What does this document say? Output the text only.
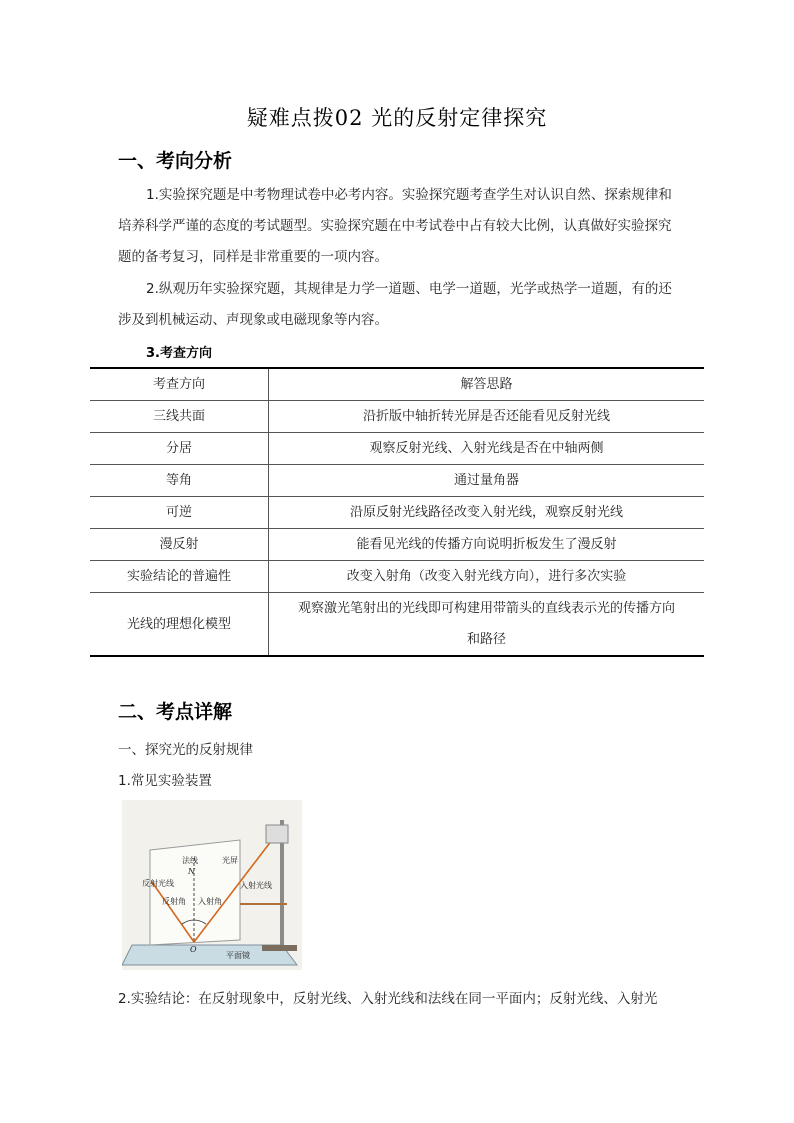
疑难点拨02 光的反射定律探究
一、考向分析
1.实验探究题是中考物理试卷中必考内容。实验探究题考查学生对认识自然、探索规律和培养科学严谨的态度的考试题型。实验探究题在中考试卷中占有较大比例，认真做好实验探究题的备考复习，同样是非常重要的一项内容。
2.纵观历年实验探究题，其规律是力学一道题、电学一道题，光学或热学一道题，有的还涉及到机械运动、声现象或电磁现象等内容。
3.考查方向
考查方向	解答思路
三线共面	沿折版中轴折转光屏是否还能看见反射光线
分居	观察反射光线、入射光线是否在中轴两侧
等角	通过量角器
可逆	沿原反射光线路径改变入射光线，观察反射光线
漫反射	能看见光线的传播方向说明折板发生了漫反射
实验结论的普遍性	改变入射角（改变入射光线方向），进行多次实验
光线的理想化模型	观察激光笔射出的光线即可构建用带箭头的直线表示光的传播方向和路径
二、考点详解
一、探究光的反射规律
1.常见实验装置
法线
N
光屏
反射光线	入射光线
反射角 入射角
O
平面镜
2.实验结论：在反射现象中，反射光线、入射光线和法线在同一平面内；反射光线、入射光
